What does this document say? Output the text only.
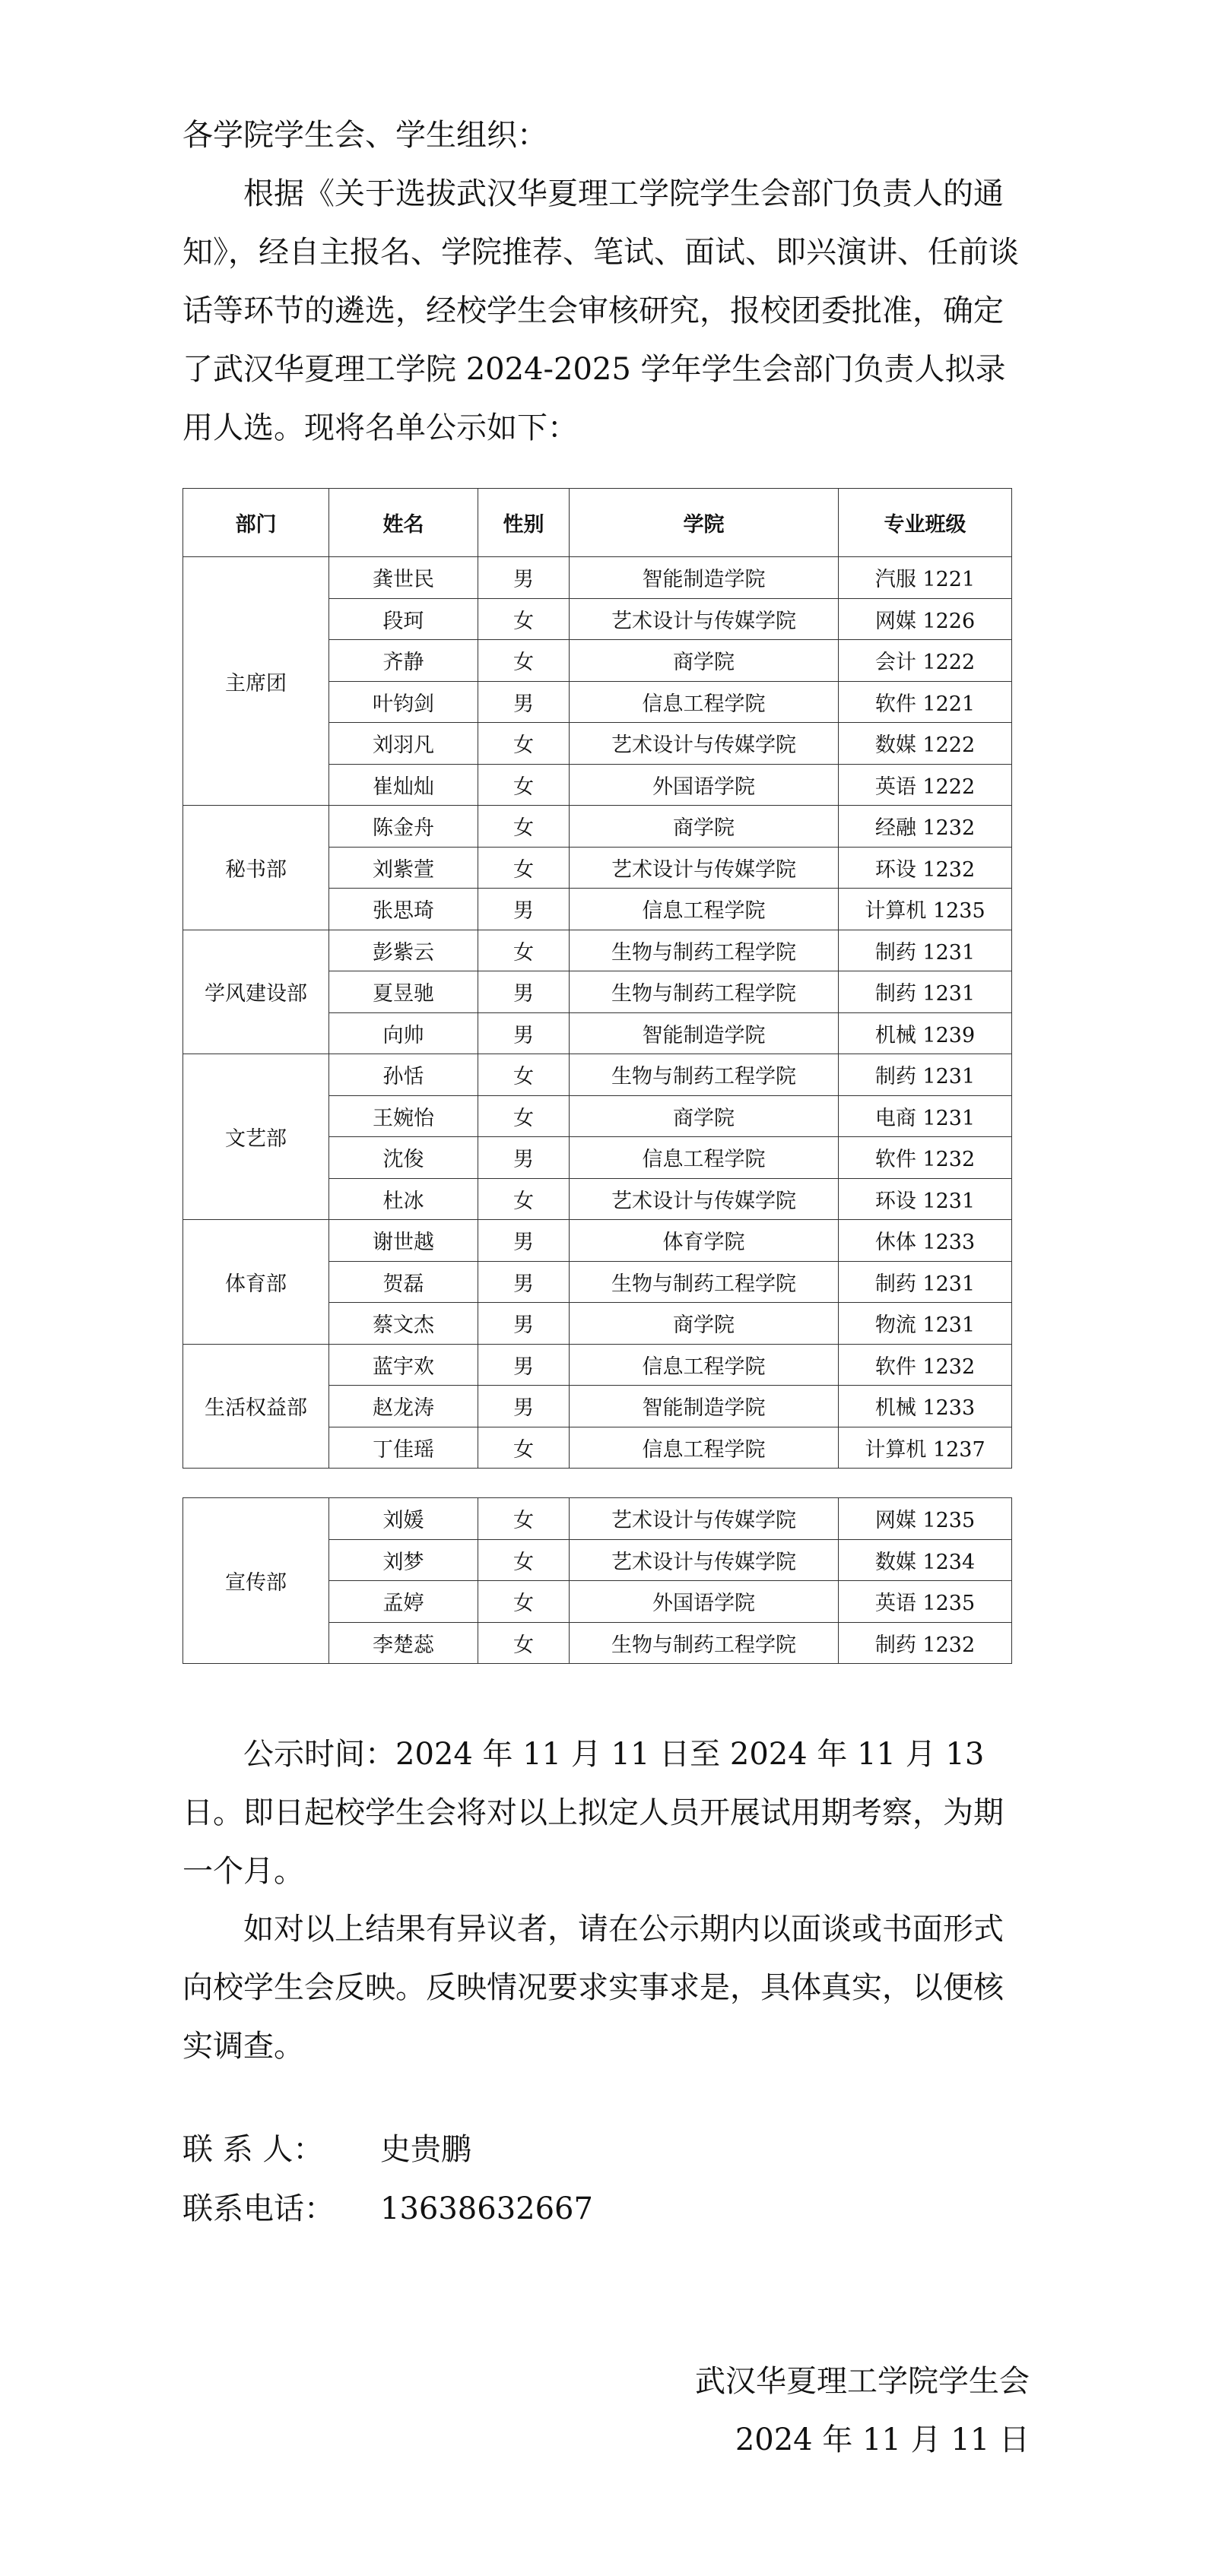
各学院学生会、学生组织：
根据《关于选拔武汉华夏理工学院学生会部门负责人的通知》，经自主报名、学院推荐、笔试、面试、即兴演讲、任前谈话等环节的遴选，经校学生会审核研究，报校团委批准，确定了武汉华夏理工学院 2024-2025 学年学生会部门负责人拟录用人选。现将名单公示如下：
部门	姓名	性别	学院	专业班级
主席团	龚世民	男	智能制造学院	汽服 1221
	段珂	女	艺术设计与传媒学院	网媒 1226
	齐静	女	商学院	会计 1222
	叶钧剑	男	信息工程学院	软件 1221
	刘羽凡	女	艺术设计与传媒学院	数媒 1222
	崔灿灿	女	外国语学院	英语 1222
秘书部	陈金舟	女	商学院	经融 1232
	刘紫萱	女	艺术设计与传媒学院	环设 1232
	张思琦	男	信息工程学院	计算机 1235
学风建设部	彭紫云	女	生物与制药工程学院	制药 1231
	夏昱驰	男	生物与制药工程学院	制药 1231
	向帅	男	智能制造学院	机械 1239
文艺部	孙恬	女	生物与制药工程学院	制药 1231
	王婉怡	女	商学院	电商 1231
	沈俊	男	信息工程学院	软件 1232
	杜冰	女	艺术设计与传媒学院	环设 1231
体育部	谢世越	男	体育学院	休体 1233
	贺磊	男	生物与制药工程学院	制药 1231
	蔡文杰	男	商学院	物流 1231
生活权益部	蓝宇欢	男	信息工程学院	软件 1232
	赵龙涛	男	智能制造学院	机械 1233
	丁佳瑶	女	信息工程学院	计算机 1237
宣传部	刘媛	女	艺术设计与传媒学院	网媒 1235
	刘梦	女	艺术设计与传媒学院	数媒 1234
	孟婷	女	外国语学院	英语 1235
	李楚蕊	女	生物与制药工程学院	制药 1232
公示时间：2024 年 11 月 11 日至 2024 年 11 月 13 日。即日起校学生会将对以上拟定人员开展试用期考察，为期一个月。
如对以上结果有异议者，请在公示期内以面谈或书面形式向校学生会反映。反映情况要求实事求是，具体真实，以便核实调查。
联 系 人： 史贵鹏
联系电话： 13638632667
武汉华夏理工学院学生会
2024 年 11 月 11 日
